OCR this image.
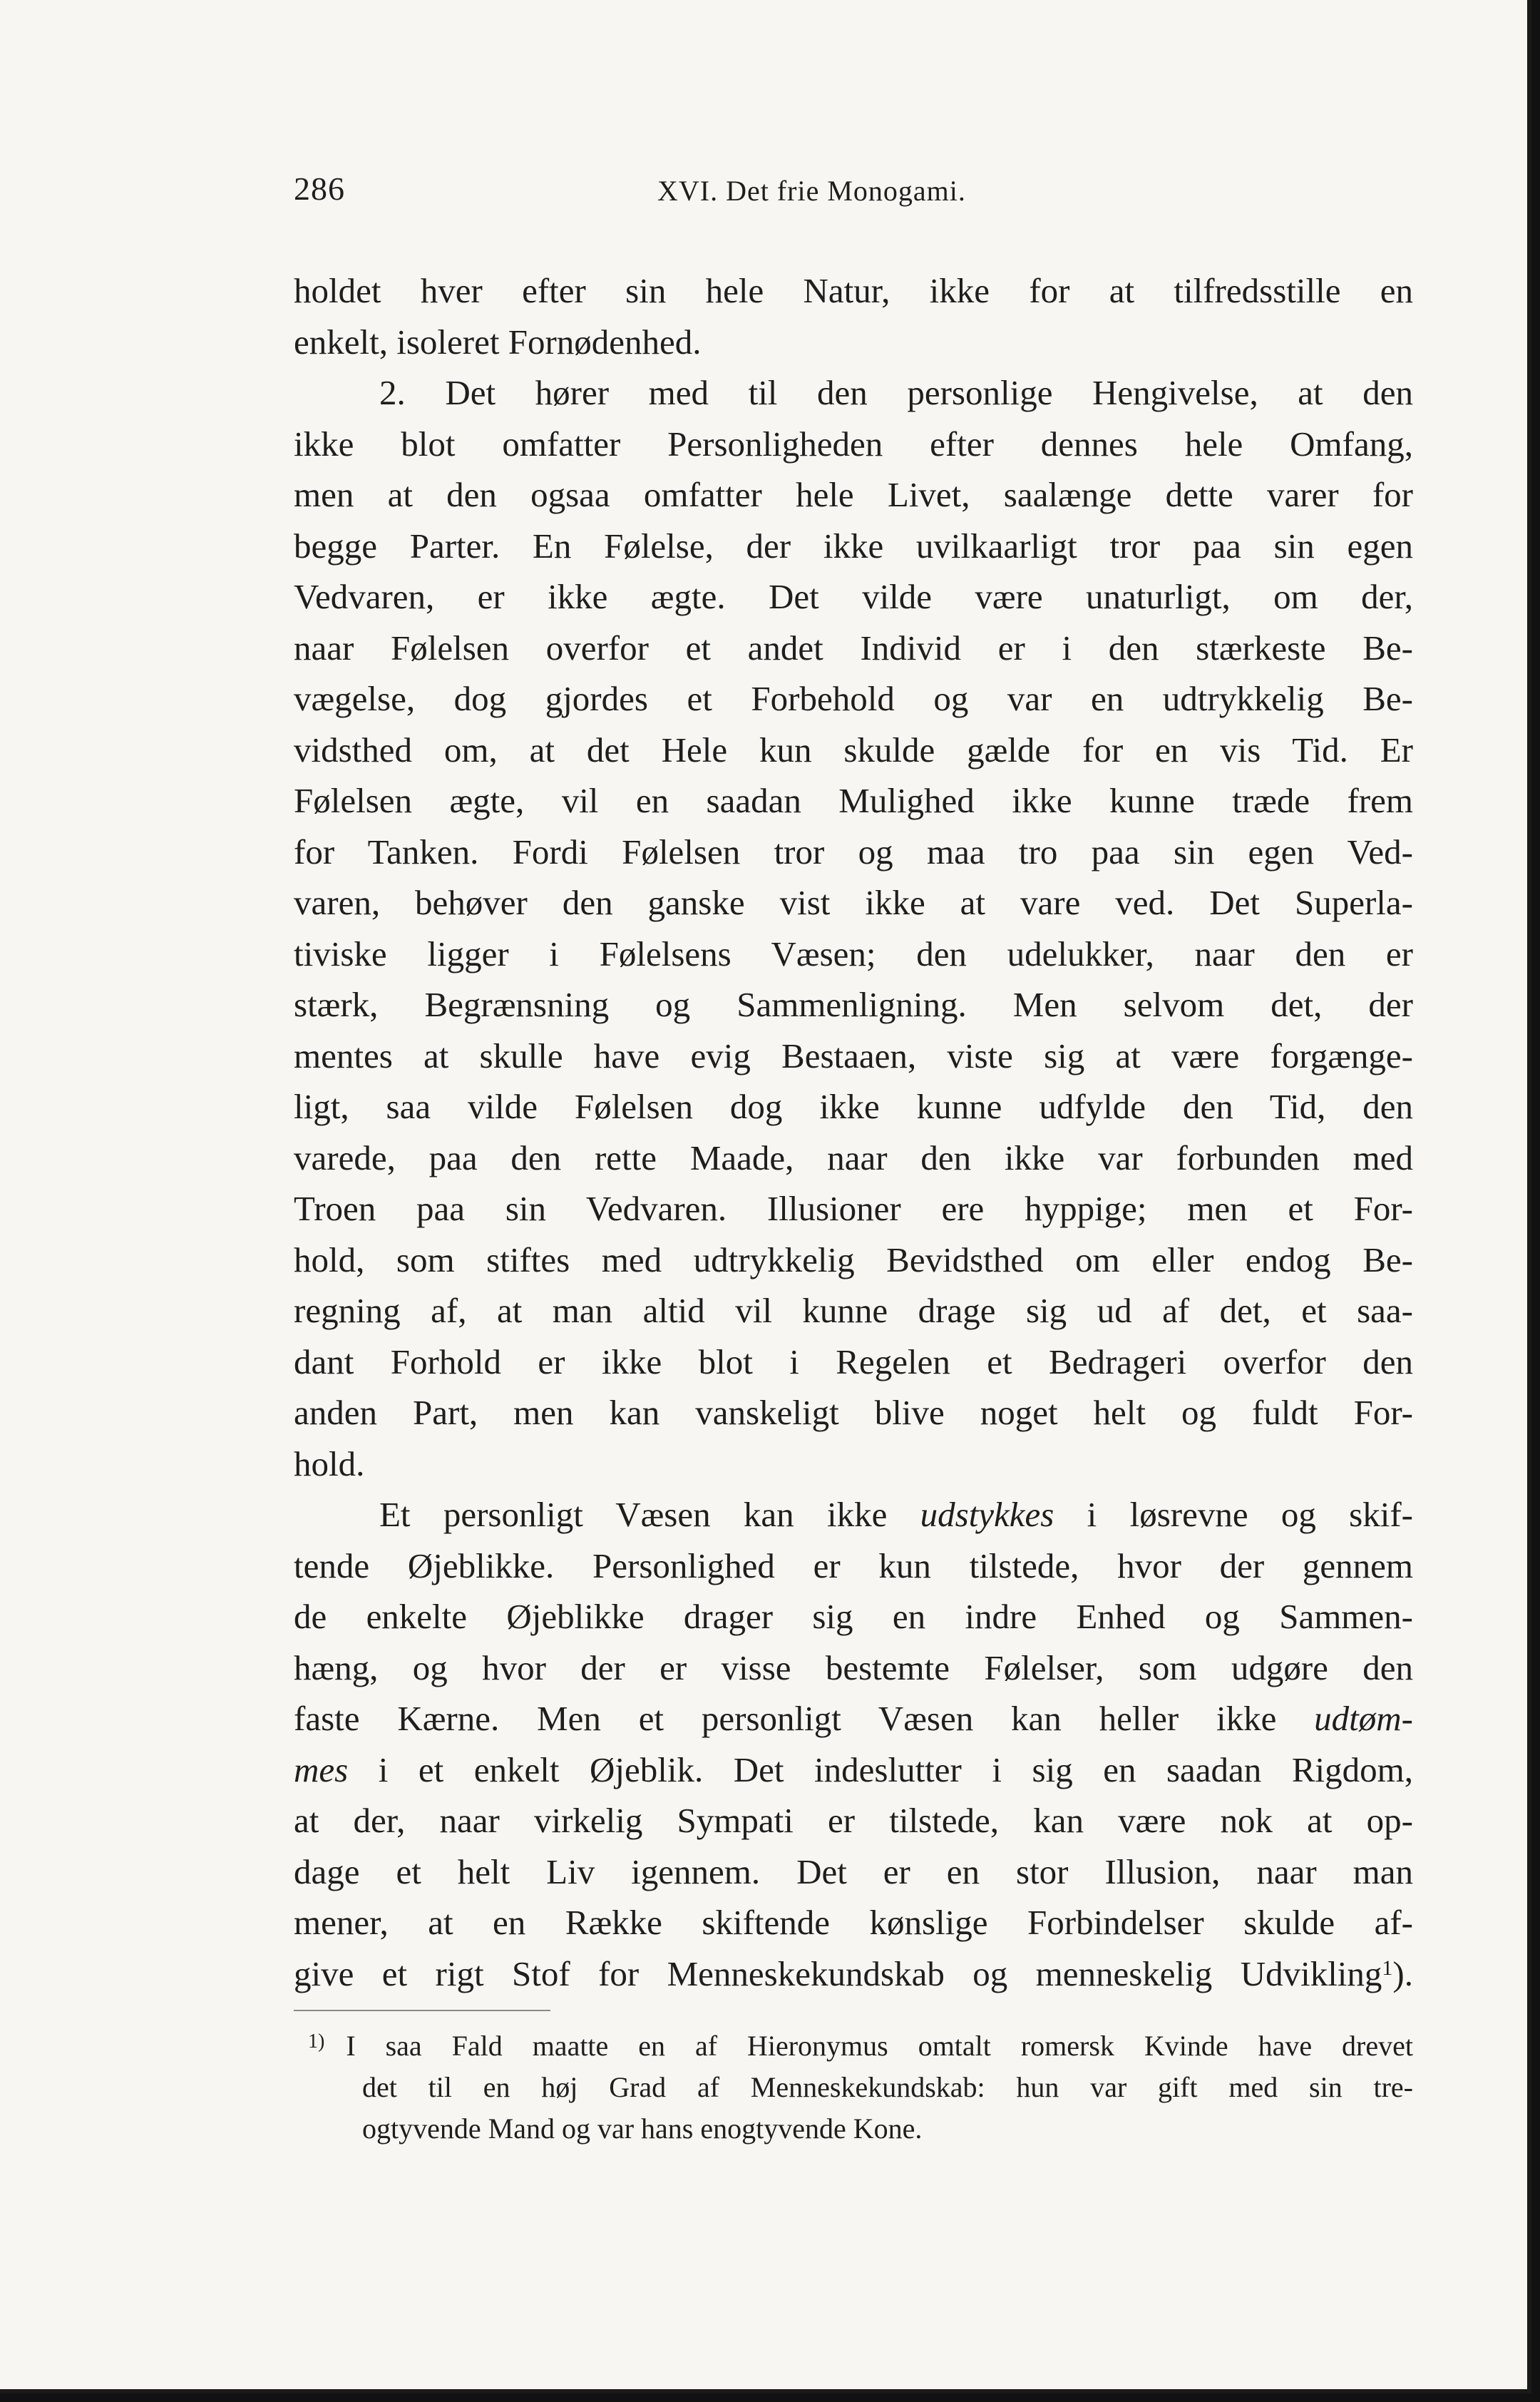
286	XVI. Det frie Monogami.
holdet hver efter sin hele Natur, ikke for at tilfredsstille en
enkelt, isoleret Fornødenhed.
2. Det hører med til den personlige Hengivelse, at den
ikke blot omfatter Personligheden efter dennes hele Omfang,
men at den ogsaa omfatter hele Livet, saalænge dette varer for
begge Parter. En Følelse, der ikke uvilkaarligt tror paa sin egen
Vedvaren, er ikke ægte. Det vilde være unaturligt, om der,
naar Følelsen overfor et andet Individ er i den stærkeste Be-
vægelse, dog gjordes et Forbehold og var en udtrykkelig Be-
vidsthed om, at det Hele kun skulde gælde for en vis Tid. Er
Følelsen ægte, vil en saadan Mulighed ikke kunne træde frem
for Tanken. Fordi Følelsen tror og maa tro paa sin egen Ved-
varen, behøver den ganske vist ikke at vare ved. Det Superla-
tiviske ligger i Følelsens Væsen; den udelukker, naar den er
stærk, Begrænsning og Sammenligning. Men selvom det, der
mentes at skulle have evig Bestaaen, viste sig at være forgænge-
ligt, saa vilde Følelsen dog ikke kunne udfylde den Tid, den
varede, paa den rette Maade, naar den ikke var forbunden med
Troen paa sin Vedvaren. Illusioner ere hyppige; men et For-
hold, som stiftes med udtrykkelig Bevidsthed om eller endog Be-
regning af, at man altid vil kunne drage sig ud af det, et saa-
dant Forhold er ikke blot i Regelen et Bedrageri overfor den
anden Part, men kan vanskeligt blive noget helt og fuldt For-
hold.
Et personligt Væsen kan ikke udstykkes i løsrevne og skif-
tende Øjeblikke. Personlighed er kun tilstede, hvor der gennem
de enkelte Øjeblikke drager sig en indre Enhed og Sammen-
hæng, og hvor der er visse bestemte Følelser, som udgøre den
faste Kærne. Men et personligt Væsen kan heller ikke udtøm-
mes i et enkelt Øjeblik. Det indeslutter i sig en saadan Rigdom,
at der, naar virkelig Sympati er tilstede, kan være nok at op-
dage et helt Liv igennem. Det er en stor Illusion, naar man
mener, at en Række skiftende kønslige Forbindelser skulde af-
give et rigt Stof for Menneskekundskab og menneskelig Udvikling$^1$).
$^{1)}$ I saa Fald maatte en af Hieronymus omtalt romersk Kvinde have drevet
det til en høj Grad af Menneskekundskab: hun var gift med sin tre-
ogtyvende Mand og var hans enogtyvende Kone.
